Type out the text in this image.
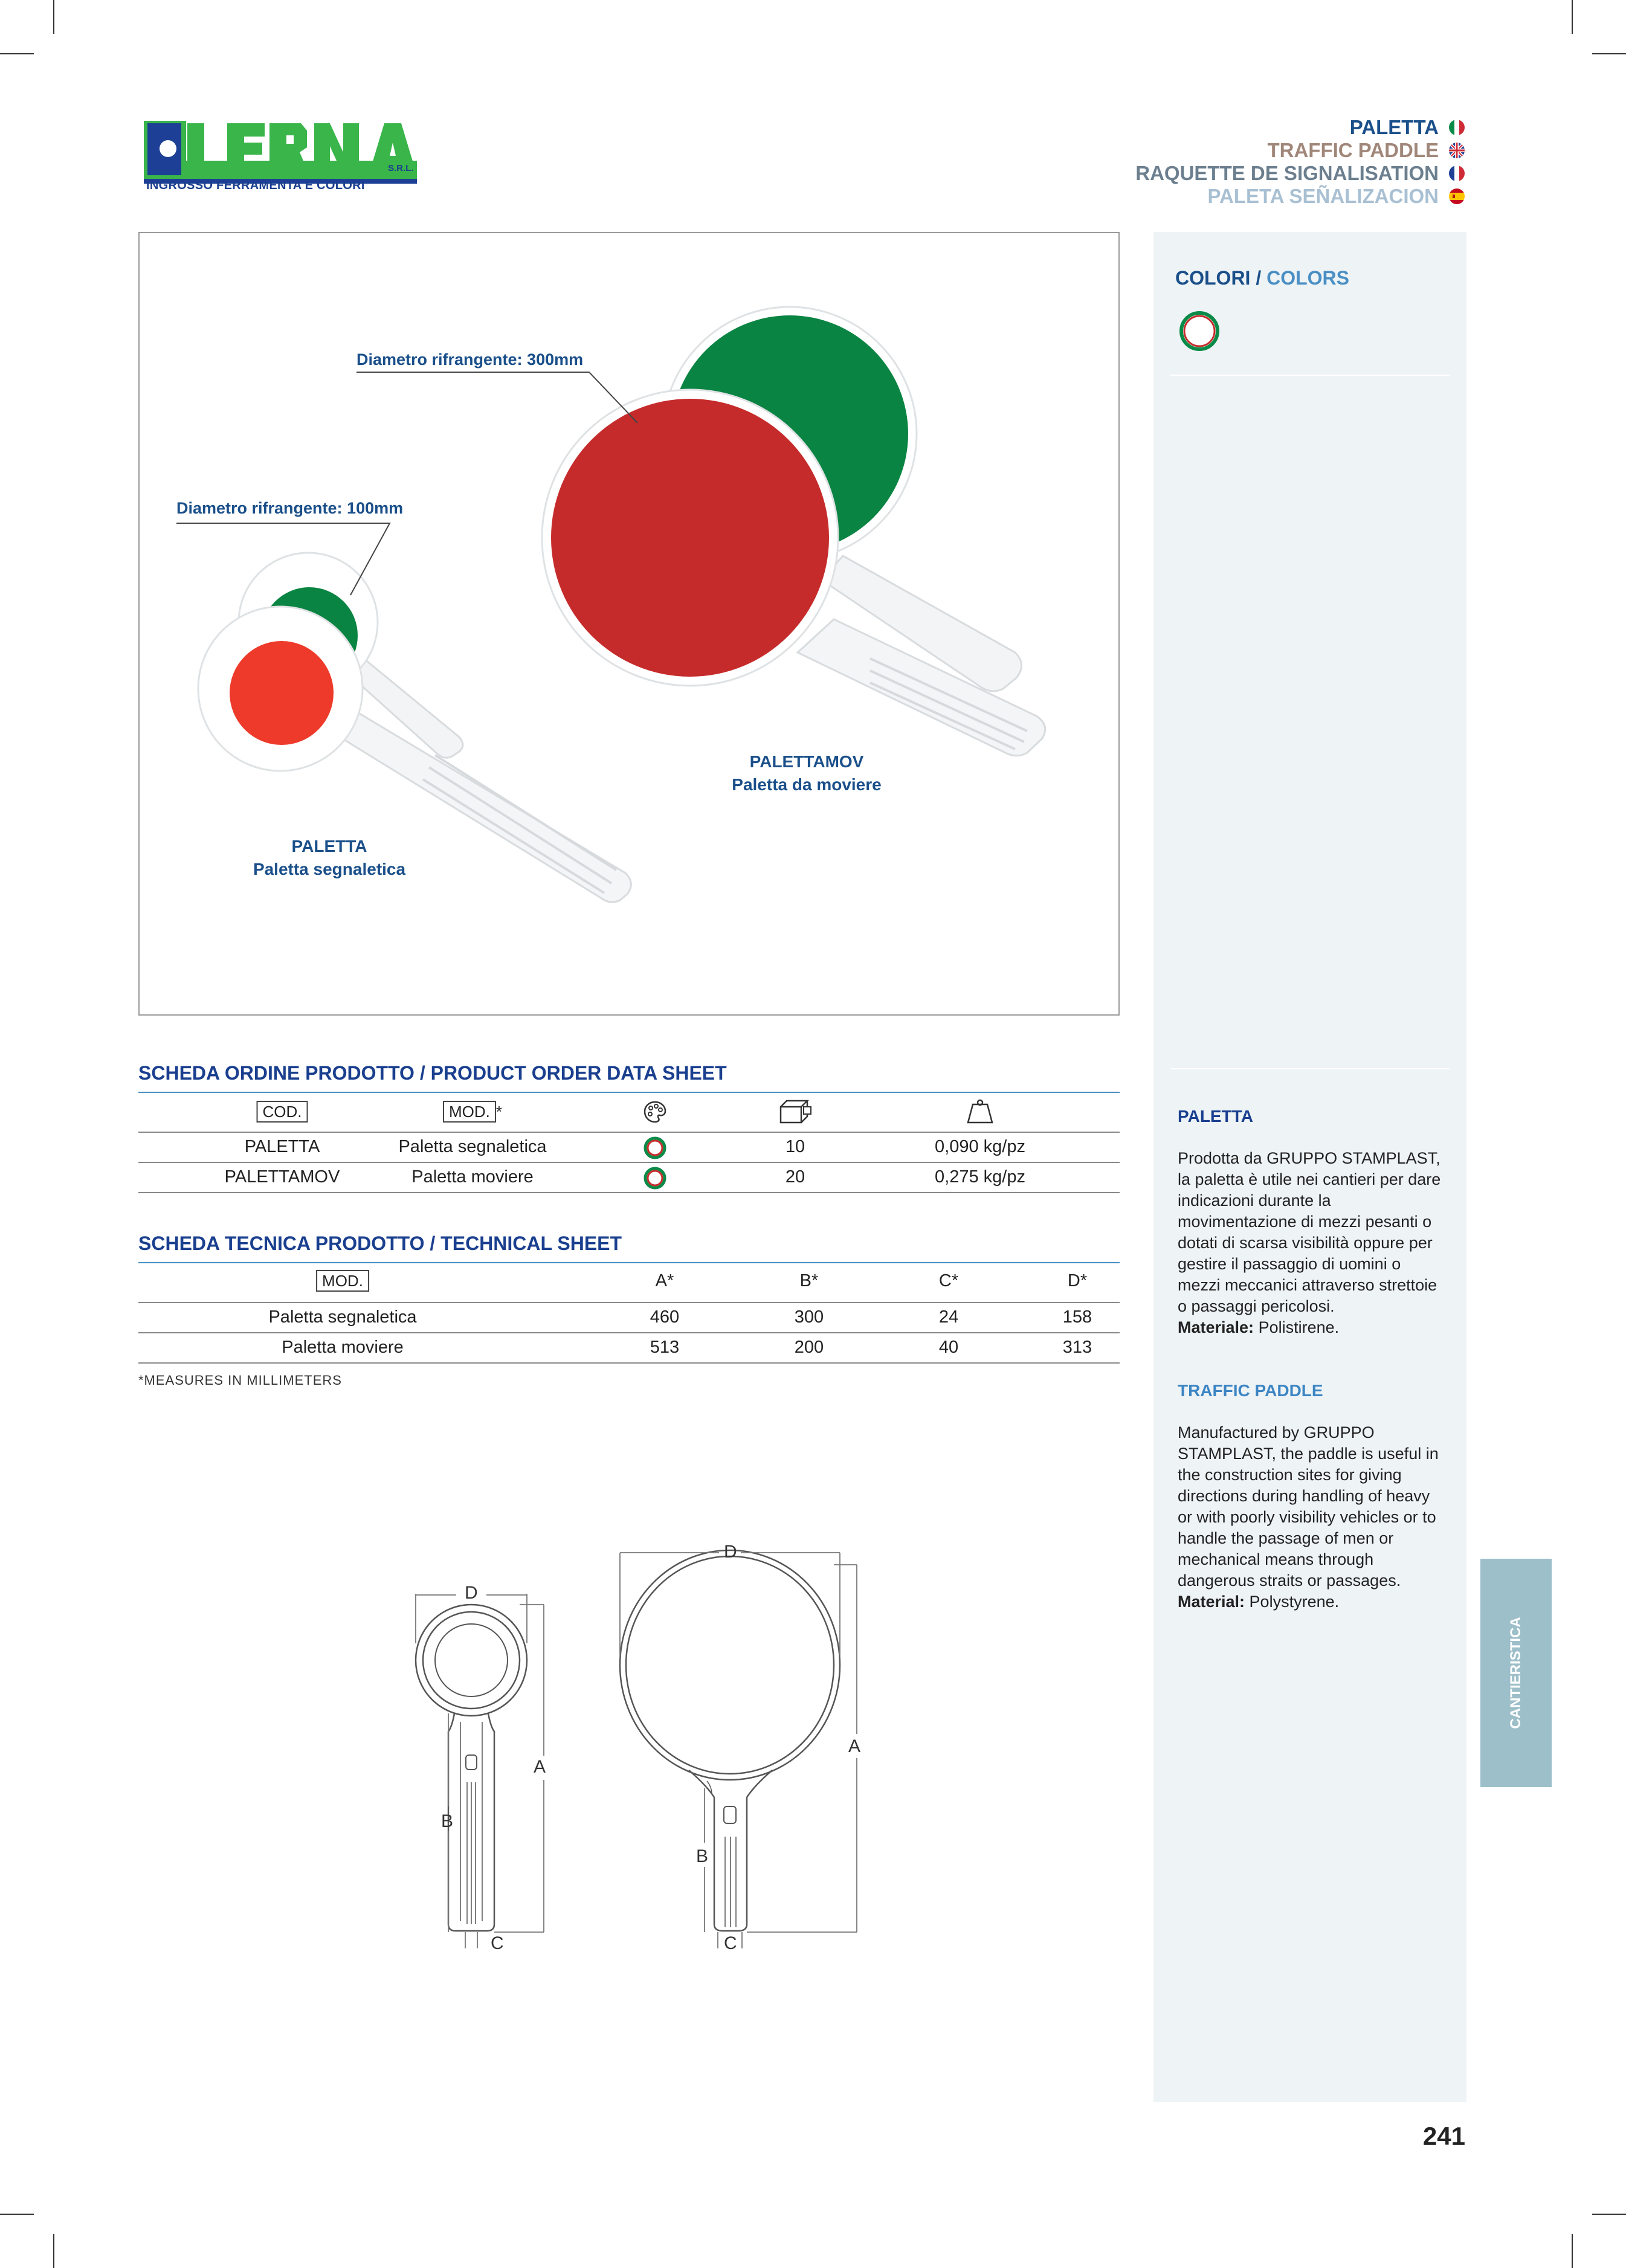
S.R.L.
INGROSSO FERRAMENTA E COLORI
PALETTA
TRAFFIC PADDLE
RAQUETTE DE SIGNALISATION
PALETA SEÑALIZACION
COLORI / COLORS
PALETTA
Prodotta da GRUPPO STAMPLAST, la paletta è utile nei cantieri per dare indicazioni durante la movimentazione di mezzi pesanti o dotati di scarsa visibilità oppure per gestire il passaggio di uomini o mezzi meccanici attraverso strettoie o passaggi pericolosi.
Materiale: Polistirene.
TRAFFIC PADDLE
Manufactured by GRUPPO STAMPLAST, the paddle is useful in the construction sites for giving directions during handling of heavy or with poorly visibility vehicles or to handle the passage of men or mechanical means through dangerous straits or passages.
Material: Polystyrene.
CANTIERISTICA
Diametro rifrangente: 300mm
Diametro rifrangente: 100mm
PALETTAMOV
Paletta da moviere
PALETTA
Paletta segnaletica
SCHEDA ORDINE PRODOTTO / PRODUCT ORDER DATA SHEET
COD.	MOD. *
PALETTA	Paletta segnaletica	10	0,090 kg/pz
PALETTAMOV	Paletta moviere	20	0,275 kg/pz
SCHEDA TECNICA PRODOTTO / TECHNICAL SHEET
MOD.	A*	B*	C*	D*
Paletta segnaletica	460	300	24	158
Paletta moviere	513	200	40	313
*MEASURES IN MILLIMETERS
D
A
B
C
D
A
B
C
241
